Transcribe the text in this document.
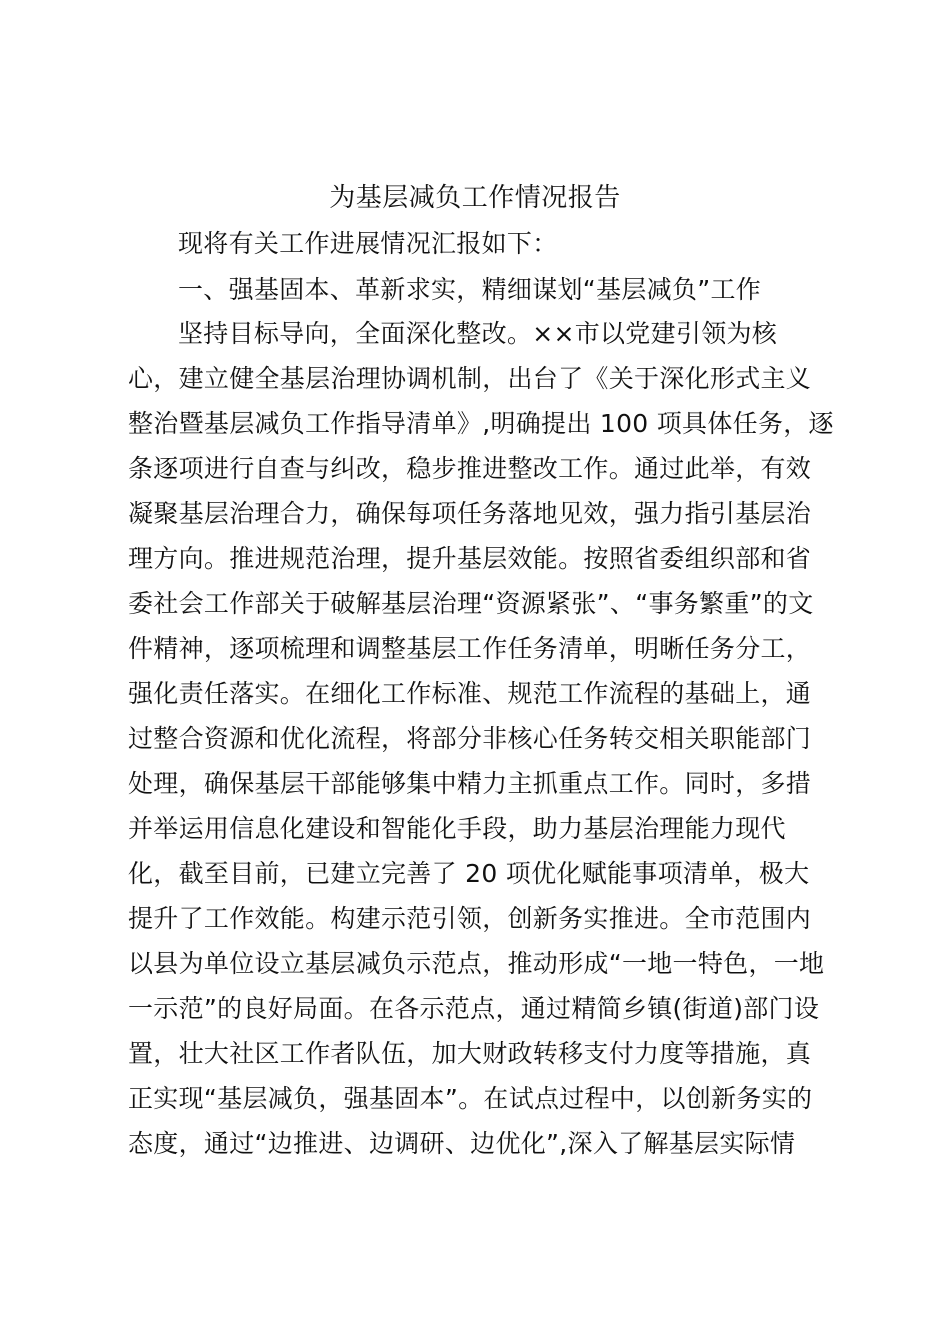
为基层减负工作情况报告
现将有关工作进展情况汇报如下：
一、强基固本、革新求实，精细谋划“基层减负”工作
坚持目标导向，全面深化整改。××市以党建引领为核
心，建立健全基层治理协调机制，出台了《关于深化形式主义
整治暨基层减负工作指导清单》,明确提出 100 项具体任务，逐
条逐项进行自查与纠改，稳步推进整改工作。通过此举，有效
凝聚基层治理合力，确保每项任务落地见效，强力指引基层治
理方向。推进规范治理，提升基层效能。按照省委组织部和省
委社会工作部关于破解基层治理“资源紧张”、“事务繁重”的文
件精神，逐项梳理和调整基层工作任务清单，明晰任务分工，
强化责任落实。在细化工作标准、规范工作流程的基础上，通
过整合资源和优化流程，将部分非核心任务转交相关职能部门
处理，确保基层干部能够集中精力主抓重点工作。同时，多措
并举运用信息化建设和智能化手段，助力基层治理能力现代
化，截至目前，已建立完善了 20 项优化赋能事项清单，极大
提升了工作效能。构建示范引领，创新务实推进。全市范围内
以县为单位设立基层减负示范点，推动形成“一地一特色，一地
一示范”的良好局面。在各示范点，通过精简乡镇(街道)部门设
置，壮大社区工作者队伍，加大财政转移支付力度等措施，真
正实现“基层减负，强基固本”。在试点过程中，以创新务实的
态度，通过“边推进、边调研、边优化”,深入了解基层实际情
